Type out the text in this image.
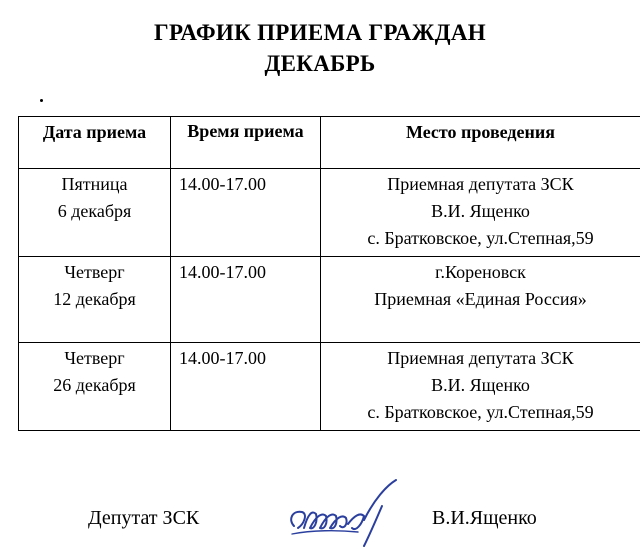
ГРАФИК ПРИЕМА ГРАЖДАН
ДЕКАБРЬ
Дата приема	Время приема	Место проведения

Пятница
6 декабря	14.00-17.00	Приемная депутата ЗСК
В.И. Ященко
с. Братковское, ул.Степная,59

Четверг
12 декабря	14.00-17.00	г.Кореновск
Приемная «Единая Россия»

Четверг
26 декабря	14.00-17.00	Приемная депутата ЗСК
В.И. Ященко
с. Братковское, ул.Степная,59
Депутат ЗСК	В.И.Ященко
